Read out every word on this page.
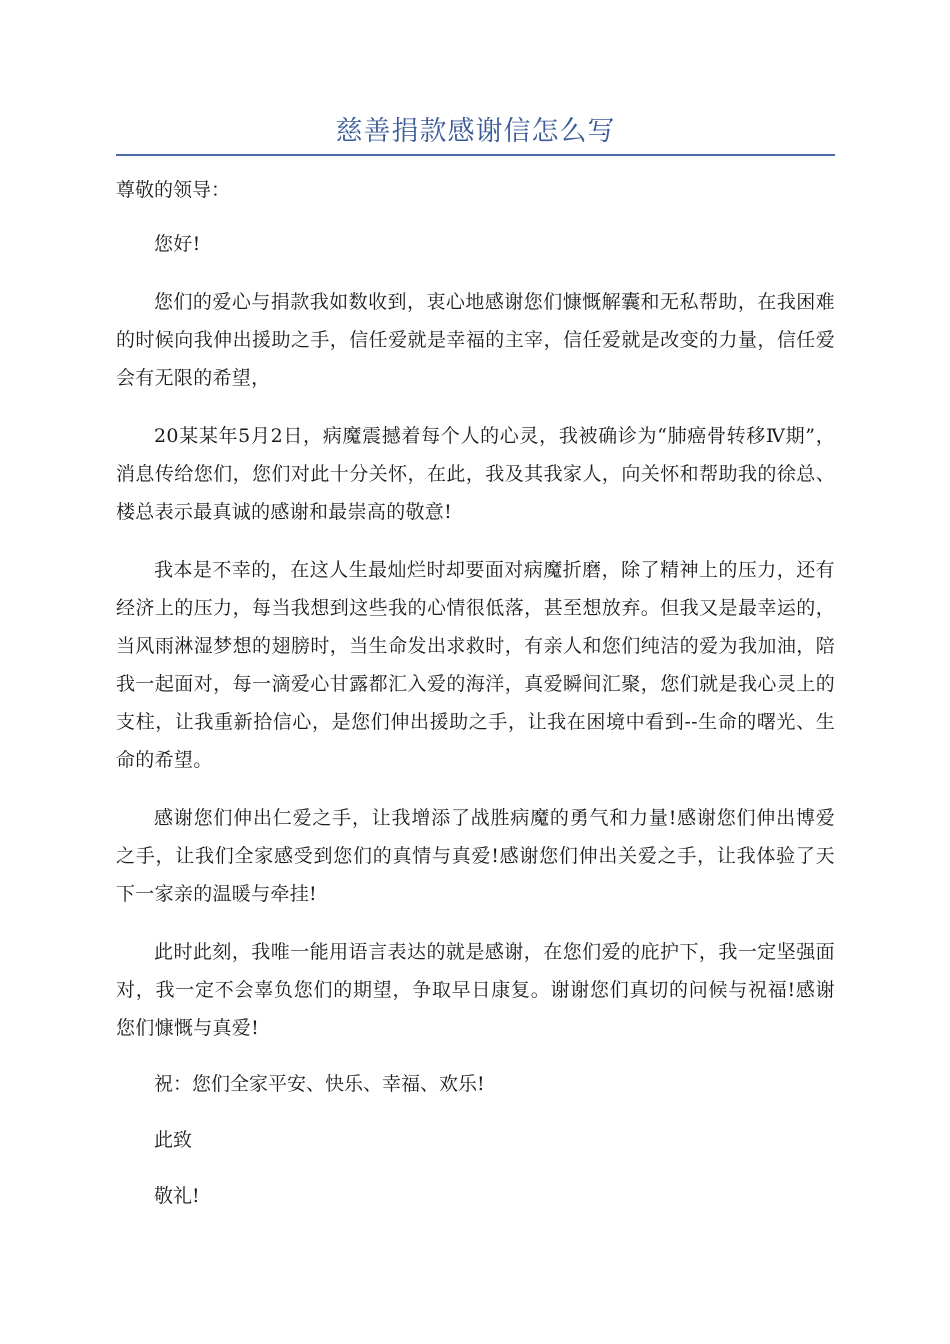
慈善捐款感谢信怎么写

尊敬的领导：

您好!

您们的爱心与捐款我如数收到，衷心地感谢您们慷慨解囊和无私帮助，在我困难的时候向我伸出援助之手，信任爱就是幸福的主宰，信任爱就是改变的力量，信任爱会有无限的希望，

20某某年5月2日，病魔震撼着每个人的心灵，我被确诊为“肺癌骨转移Ⅳ期”，消息传给您们，您们对此十分关怀，在此，我及其我家人，向关怀和帮助我的徐总、楼总表示最真诚的感谢和最崇高的敬意!

我本是不幸的，在这人生最灿烂时却要面对病魔折磨，除了精神上的压力，还有经济上的压力，每当我想到这些我的心情很低落，甚至想放弃。但我又是最幸运的，当风雨淋湿梦想的翅膀时，当生命发出求救时，有亲人和您们纯洁的爱为我加油，陪我一起面对，每一滴爱心甘露都汇入爱的海洋，真爱瞬间汇聚，您们就是我心灵上的支柱，让我重新拾信心，是您们伸出援助之手，让我在困境中看到--生命的曙光、生命的希望。

感谢您们伸出仁爱之手，让我增添了战胜病魔的勇气和力量!感谢您们伸出博爱之手，让我们全家感受到您们的真情与真爱!感谢您们伸出关爱之手，让我体验了天下一家亲的温暖与牵挂!

此时此刻，我唯一能用语言表达的就是感谢，在您们爱的庇护下，我一定坚强面对，我一定不会辜负您们的期望，争取早日康复。谢谢您们真切的问候与祝福!感谢您们慷慨与真爱!

祝：您们全家平安、快乐、幸福、欢乐!

此致

敬礼!
